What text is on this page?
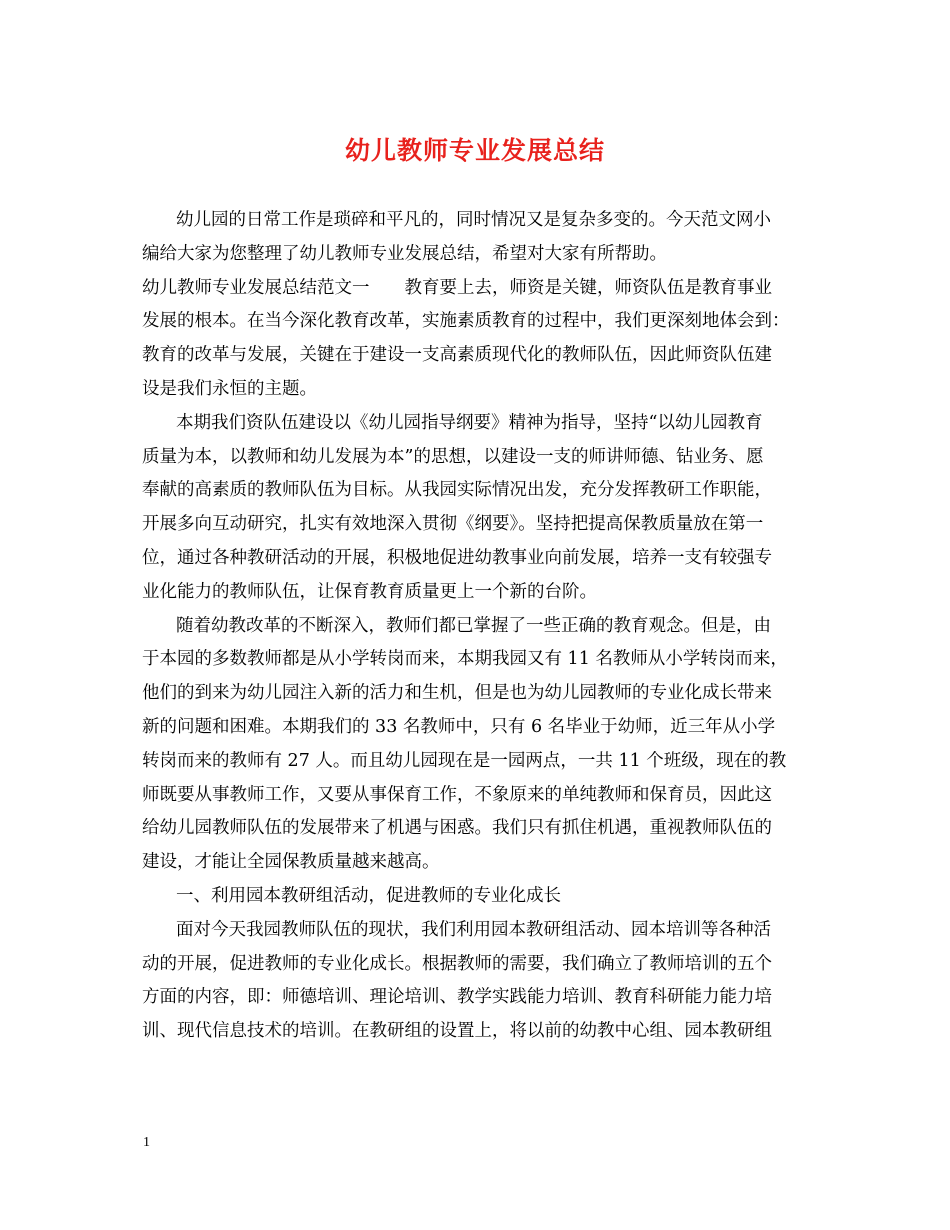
幼儿教师专业发展总结
幼儿园的日常工作是琐碎和平凡的，同时情况又是复杂多变的。今天范文网小
编给大家为您整理了幼儿教师专业发展总结，希望对大家有所帮助。
幼儿教师专业发展总结范文一　　教育要上去，师资是关键，师资队伍是教育事业
发展的根本。在当今深化教育改革，实施素质教育的过程中，我们更深刻地体会到：
教育的改革与发展，关键在于建设一支高素质现代化的教师队伍，因此师资队伍建
设是我们永恒的主题。
本期我们资队伍建设以《幼儿园指导纲要》精神为指导，坚持“以幼儿园教育
质量为本，以教师和幼儿发展为本”的思想，以建设一支的师讲师德、钻业务、愿
奉献的高素质的教师队伍为目标。从我园实际情况出发，充分发挥教研工作职能，
开展多向互动研究，扎实有效地深入贯彻《纲要》。坚持把提高保教质量放在第一
位，通过各种教研活动的开展，积极地促进幼教事业向前发展，培养一支有较强专
业化能力的教师队伍，让保育教育质量更上一个新的台阶。
随着幼教改革的不断深入，教师们都已掌握了一些正确的教育观念。但是，由
于本园的多数教师都是从小学转岗而来，本期我园又有 11 名教师从小学转岗而来，
他们的到来为幼儿园注入新的活力和生机，但是也为幼儿园教师的专业化成长带来
新的问题和困难。本期我们的 33 名教师中，只有 6 名毕业于幼师，近三年从小学
转岗而来的教师有 27 人。而且幼儿园现在是一园两点，一共 11 个班级，现在的教
师既要从事教师工作，又要从事保育工作，不象原来的单纯教师和保育员，因此这
给幼儿园教师队伍的发展带来了机遇与困惑。我们只有抓住机遇，重视教师队伍的
建设，才能让全园保教质量越来越高。
一、利用园本教研组活动，促进教师的专业化成长
面对今天我园教师队伍的现状，我们利用园本教研组活动、园本培训等各种活
动的开展，促进教师的专业化成长。根据教师的需要，我们确立了教师培训的五个
方面的内容，即：师德培训、理论培训、教学实践能力培训、教育科研能力能力培
训、现代信息技术的培训。在教研组的设置上，将以前的幼教中心组、园本教研组
1
